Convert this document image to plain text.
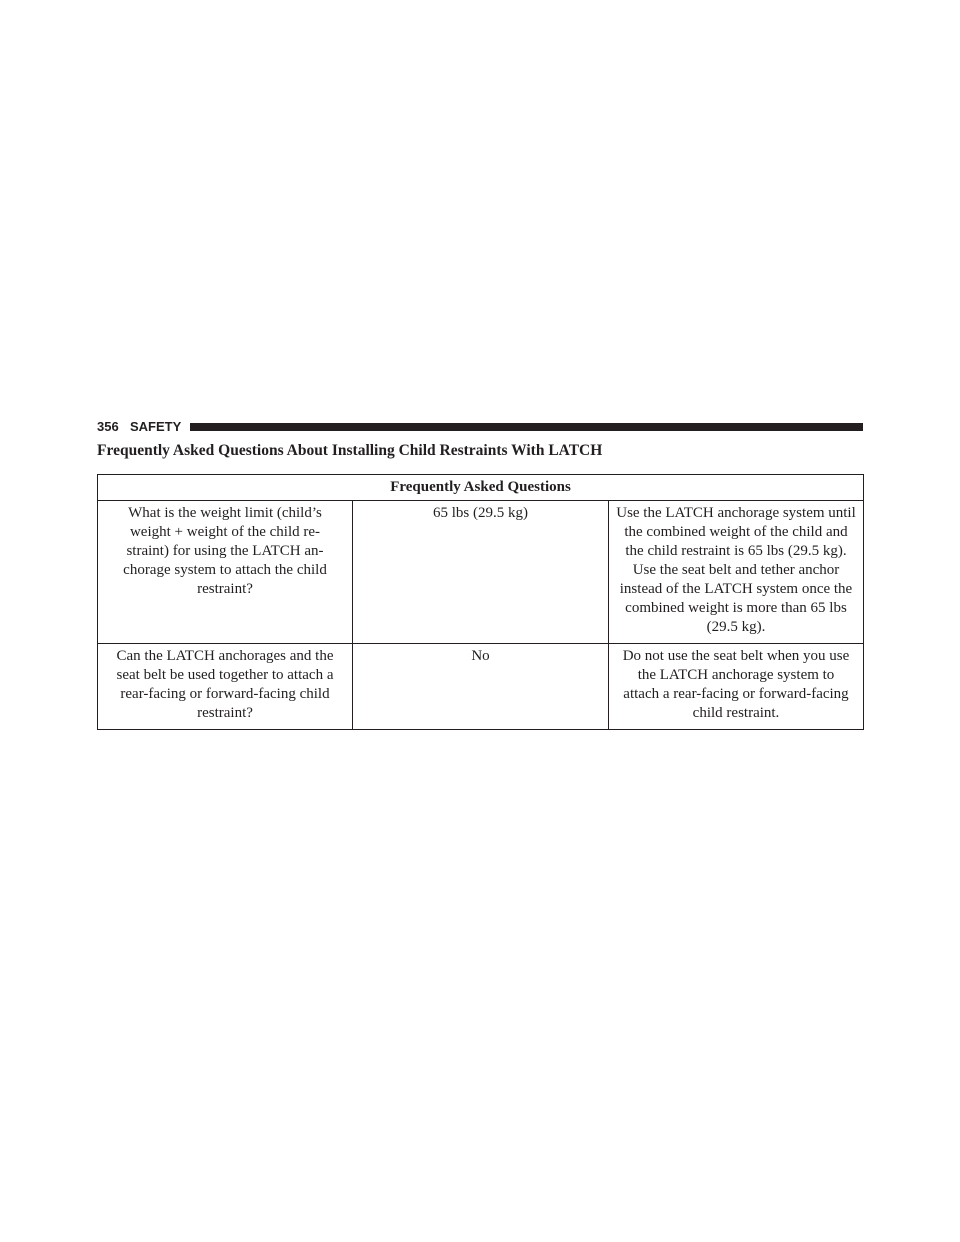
356 SAFETY
Frequently Asked Questions About Installing Child Restraints With LATCH
Frequently Asked Questions		

What is the weight limit (child’s weight + weight of the child restraint) for using the LATCH anchorage system to attach the child restraint?	65 lbs (29.5 kg)	Use the LATCH anchorage system until the combined weight of the child and the child restraint is 65 lbs (29.5 kg). Use the seat belt and tether anchor instead of the LATCH system once the combined weight is more than 65 lbs (29.5 kg).

Can the LATCH anchorages and the seat belt be used together to attach a rear-facing or forward-facing child restraint?	No	Do not use the seat belt when you use the LATCH anchorage system to attach a rear-facing or forward-facing child restraint.
